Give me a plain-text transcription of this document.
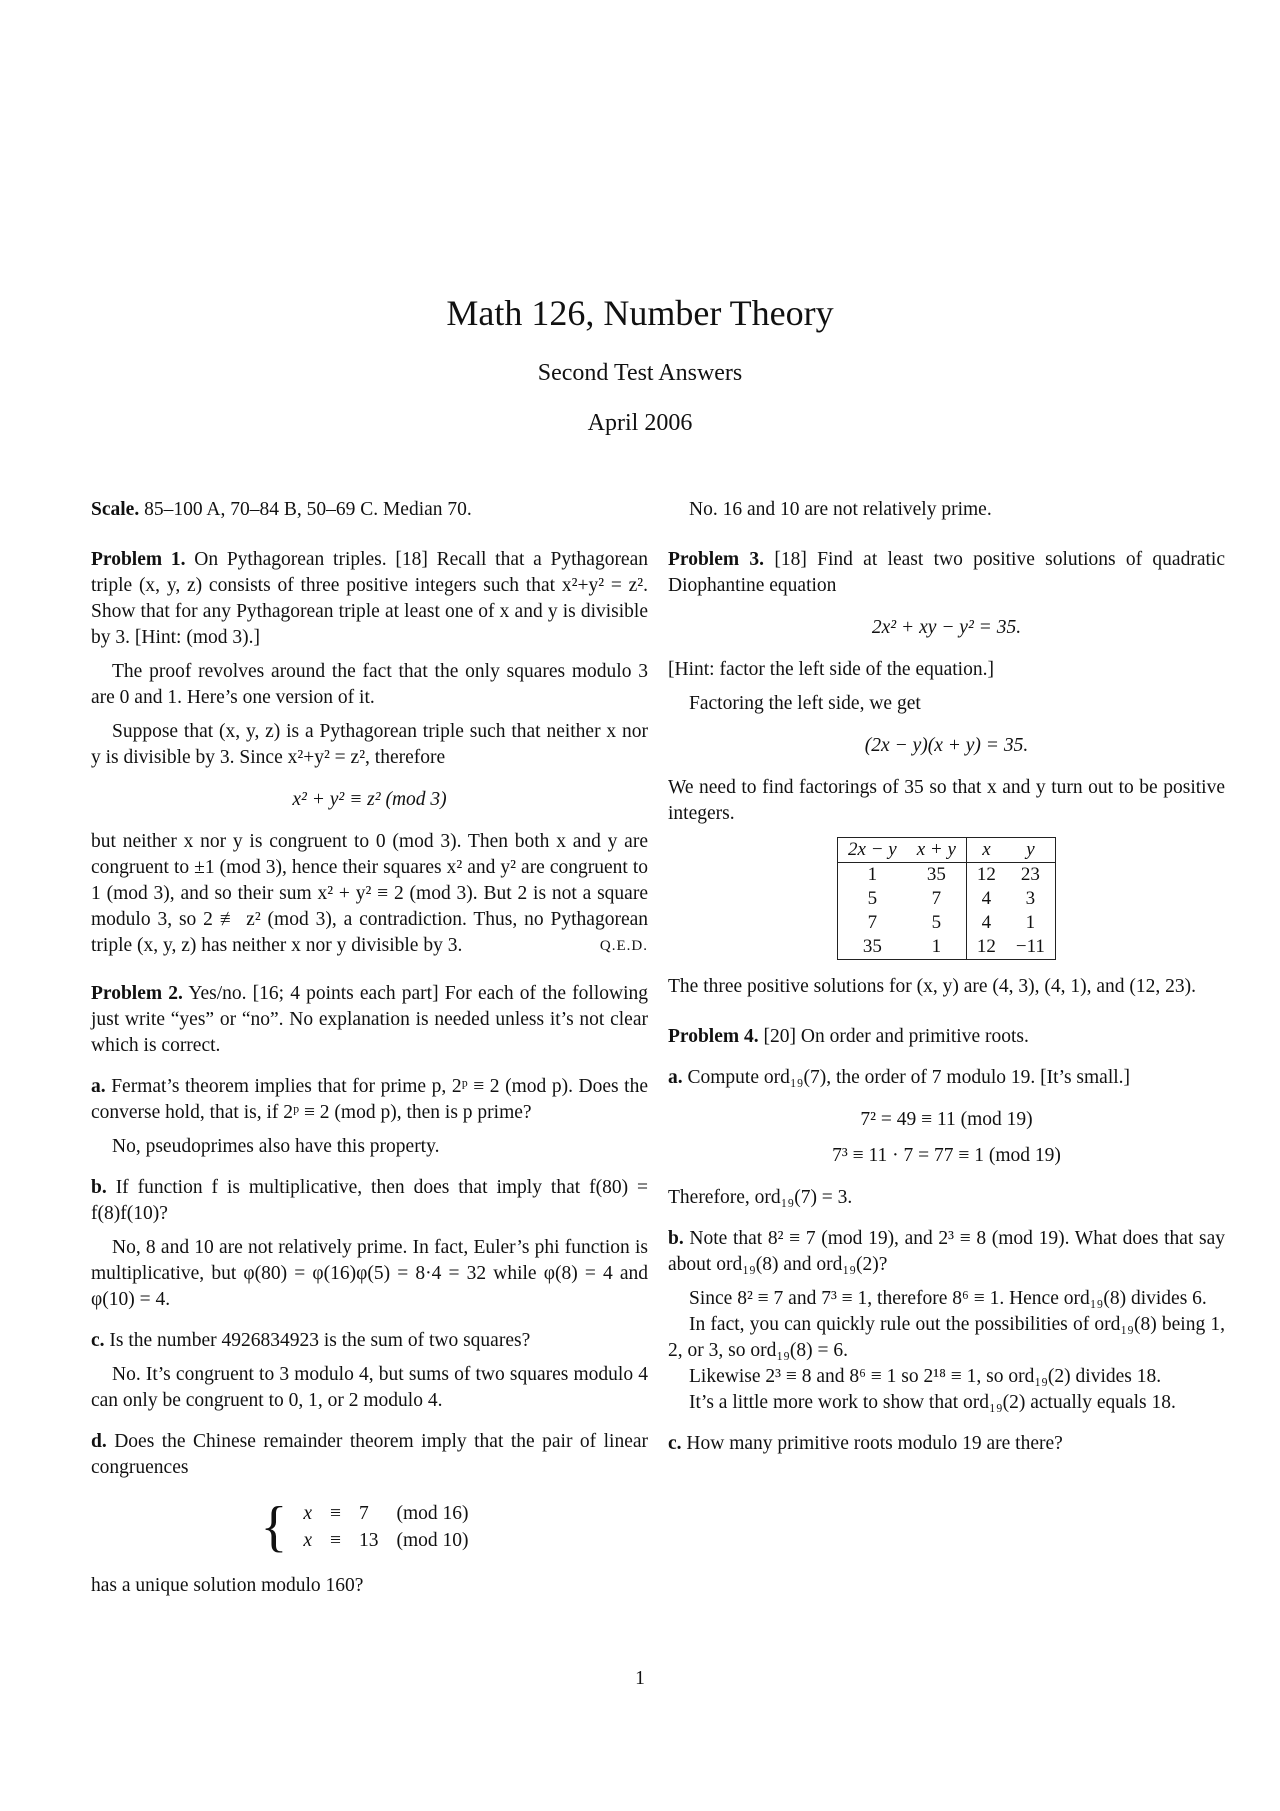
Math 126, Number Theory
Second Test Answers
April 2006

Scale. 85–100 A, 70–84 B, 50–69 C. Median 70.

Problem 1. On Pythagorean triples. [18] Recall that a Pythagorean triple (x, y, z) consists of three positive integers such that x²+y² = z². Show that for any Pythagorean triple at least one of x and y is divisible by 3. [Hint: (mod 3).]

The proof revolves around the fact that the only squares modulo 3 are 0 and 1. Here’s one version of it.

Suppose that (x, y, z) is a Pythagorean triple such that neither x nor y is divisible by 3. Since x²+y² = z², therefore

x² + y² ≡ z² (mod 3)

but neither x nor y is congruent to 0 (mod 3). Then both x and y are congruent to ±1 (mod 3), hence their squares x² and y² are congruent to 1 (mod 3), and so their sum x² + y² ≡ 2 (mod 3). But 2 is not a square modulo 3, so 2 ≢ z² (mod 3), a contradiction. Thus, no Pythagorean triple (x, y, z) has neither x nor y divisible by 3.	Q.E.D.

Problem 2. Yes/no. [16; 4 points each part] For each of the following just write “yes” or “no”. No explanation is needed unless it’s not clear which is correct.

a. Fermat’s theorem implies that for prime p, 2ᵖ ≡ 2 (mod p). Does the converse hold, that is, if 2ᵖ ≡ 2 (mod p), then is p prime?

No, pseudoprimes also have this property.

b. If function f is multiplicative, then does that imply that f(80) = f(8)f(10)?

No, 8 and 10 are not relatively prime. In fact, Euler’s phi function is multiplicative, but φ(80) = φ(16)φ(5) = 8·4 = 32 while φ(8) = 4 and φ(10) = 4.

c. Is the number 4926834923 is the sum of two squares?

No. It’s congruent to 3 modulo 4, but sums of two squares modulo 4 can only be congruent to 0, 1, or 2 modulo 4.

d. Does the Chinese remainder theorem imply that the pair of linear congruences

{ x	≡	7	(mod 16)
x	≡	13	(mod 10)

has a unique solution modulo 160?

No. 16 and 10 are not relatively prime.

Problem 3. [18] Find at least two positive solutions of quadratic Diophantine equation

2x² + xy − y² = 35.

[Hint: factor the left side of the equation.]

Factoring the left side, we get

(2x − y)(x + y) = 35.

We need to find factorings of 35 so that x and y turn out to be positive integers.

2x − y	x + y	x	y
1	35	12	23
5	7	4	3
7	5	4	1
35	1	12	−11

The three positive solutions for (x, y) are (4, 3), (4, 1), and (12, 23).

Problem 4. [20] On order and primitive roots.

a. Compute ord₁₉(7), the order of 7 modulo 19. [It’s small.]

7² = 49 ≡ 11 (mod 19)
7³ ≡ 11 · 7 = 77 ≡ 1 (mod 19)

Therefore, ord₁₉(7) = 3.

b. Note that 8² ≡ 7 (mod 19), and 2³ ≡ 8 (mod 19). What does that say about ord₁₉(8) and ord₁₉(2)?

Since 8² ≡ 7 and 7³ ≡ 1, therefore 8⁶ ≡ 1. Hence ord₁₉(8) divides 6.

In fact, you can quickly rule out the possibilities of ord₁₉(8) being 1, 2, or 3, so ord₁₉(8) = 6.

Likewise 2³ ≡ 8 and 8⁶ ≡ 1 so 2¹⁸ ≡ 1, so ord₁₉(2) divides 18.

It’s a little more work to show that ord₁₉(2) actually equals 18.

c. How many primitive roots modulo 19 are there?

1
